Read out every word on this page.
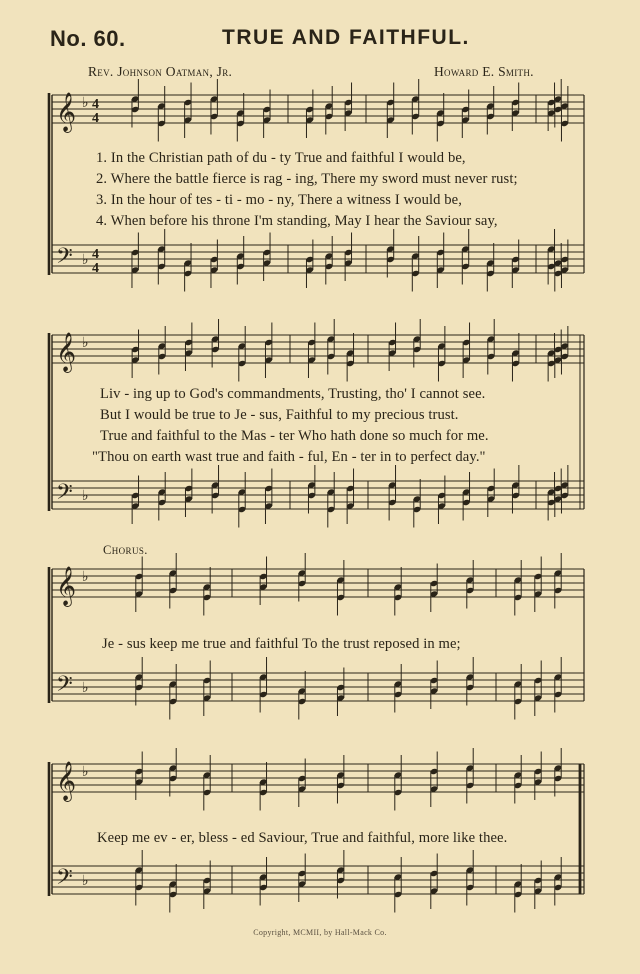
No. 60.	TRUE AND FAITHFUL.
Rev. Johnson Oatman, Jr.	Howard E. Smith.
𝄞
𝄢
♭
♭
4
4
4
4
𝄞
𝄢
♭
♭
𝄞
𝄢
♭
♭
𝄞
𝄢
♭
♭
1. In the Christian path of du - ty True and faithful I would be,
2. Where the battle fierce is rag - ing, There my sword must never rust;
3. In the hour of tes - ti - mo - ny, There a witness I would be,
4. When before his throne I'm standing, May I hear the Saviour say,
Liv - ing up to God's commandments, Trusting, tho' I cannot see.
But I would be true to Je - sus, Faithful to my precious trust.
True and faithful to the Mas - ter Who hath done so much for me.
"Thou on earth wast true and faith - ful, En - ter in to perfect day."
Chorus.
Je - sus keep me true and faithful To the trust reposed in me;
Keep me ev - er, bless - ed Saviour, True and faithful, more like thee.
Copyright, MCMII, by Hall-Mack Co.
